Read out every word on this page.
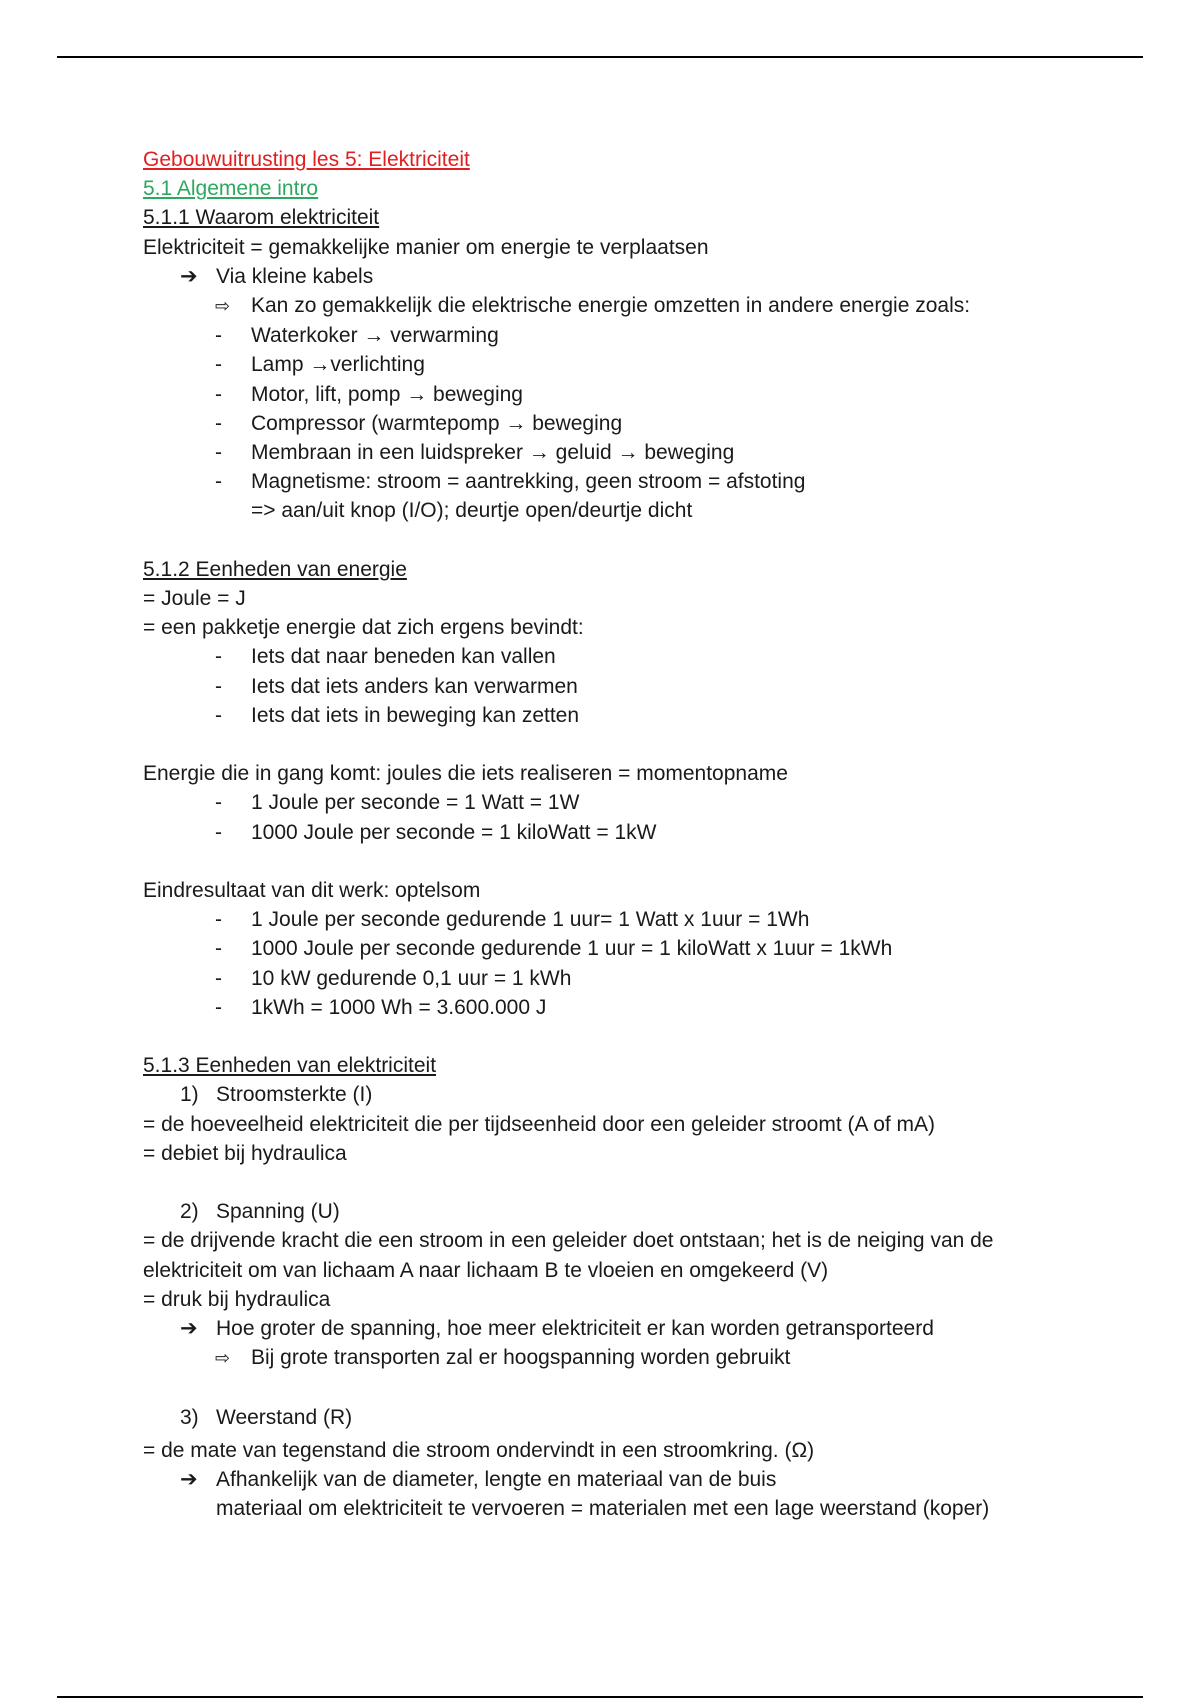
Gebouwuitrusting les 5: Elektriciteit
5.1 Algemene intro
5.1.1 Waarom elektriciteit
Elektriciteit = gemakkelijke manier om energie te verplaatsen
➔ Via kleine kabels
⇨ Kan zo gemakkelijk die elektrische energie omzetten in andere energie zoals:
- Waterkoker → verwarming
- Lamp →verlichting
- Motor, lift, pomp → beweging
- Compressor (warmtepomp → beweging
- Membraan in een luidspreker → geluid → beweging
- Magnetisme: stroom = aantrekking, geen stroom = afstoting
=> aan/uit knop (I/O); deurtje open/deurtje dicht
5.1.2 Eenheden van energie
= Joule = J
= een pakketje energie dat zich ergens bevindt:
- Iets dat naar beneden kan vallen
- Iets dat iets anders kan verwarmen
- Iets dat iets in beweging kan zetten
Energie die in gang komt: joules die iets realiseren = momentopname
- 1 Joule per seconde = 1 Watt = 1W
- 1000 Joule per seconde = 1 kiloWatt = 1kW
Eindresultaat van dit werk: optelsom
- 1 Joule per seconde gedurende 1 uur= 1 Watt x 1uur = 1Wh
- 1000 Joule per seconde gedurende 1 uur = 1 kiloWatt x 1uur = 1kWh
- 10 kW gedurende 0,1 uur = 1 kWh
- 1kWh = 1000 Wh = 3.600.000 J
5.1.3 Eenheden van elektriciteit
1) Stroomsterkte (I)
= de hoeveelheid elektriciteit die per tijdseenheid door een geleider stroomt (A of mA)
= debiet bij hydraulica
2) Spanning (U)
= de drijvende kracht die een stroom in een geleider doet ontstaan; het is de neiging van de
elektriciteit om van lichaam A naar lichaam B te vloeien en omgekeerd (V)
= druk bij hydraulica
➔ Hoe groter de spanning, hoe meer elektriciteit er kan worden getransporteerd
⇨ Bij grote transporten zal er hoogspanning worden gebruikt
3) Weerstand (R)
= de mate van tegenstand die stroom ondervindt in een stroomkring. (Ω)
➔ Afhankelijk van de diameter, lengte en materiaal van de buis
materiaal om elektriciteit te vervoeren = materialen met een lage weerstand (koper)
